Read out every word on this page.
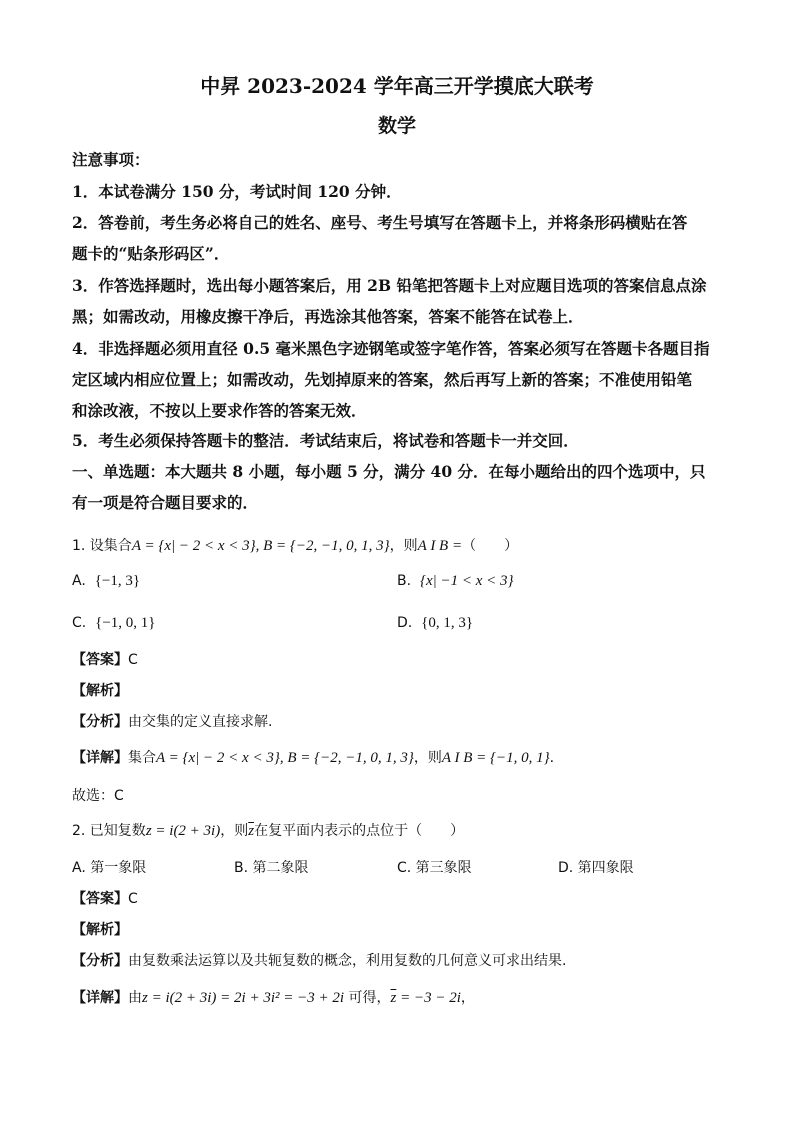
中昇 2023-2024 学年高三开学摸底大联考
数学
注意事项：
1．本试卷满分 150 分，考试时间 120 分钟．
2．答卷前，考生务必将自己的姓名、座号、考生号填写在答题卡上，并将条形码横贴在答
题卡的“贴条形码区”．
3．作答选择题时，选出每小题答案后，用 2B 铅笔把答题卡上对应题目选项的答案信息点涂
黑；如需改动，用橡皮擦干净后，再选涂其他答案，答案不能答在试卷上．
4．非选择题必须用直径 0.5 毫米黑色字迹钢笔或签字笔作答，答案必须写在答题卡各题目指
定区域内相应位置上；如需改动，先划掉原来的答案，然后再写上新的答案；不准使用铅笔
和涂改液，不按以上要求作答的答案无效．
5．考生必须保持答题卡的整洁．考试结束后，将试卷和答题卡一并交回．
一、单选题：本大题共 8 小题，每小题 5 分，满分 40 分．在每小题给出的四个选项中，只
有一项是符合题目要求的．
1. 设集合A = {x| − 2 < x < 3}, B = {−2, −1, 0, 1, 3}，则A I B =（　　）
A. {−1, 3}	B. {x| −1 < x < 3}
C. {−1, 0, 1}	D. {0, 1, 3}
【答案】C
【解析】
【分析】由交集的定义直接求解.
【详解】集合A = {x| − 2 < x < 3}, B = {−2, −1, 0, 1, 3}，则A I B = {−1, 0, 1}.
故选：C
2. 已知复数z = i(2 + 3i)，则$\overline{z}$在复平面内表示的点位于（　　）
A. 第一象限	B. 第二象限	C. 第三象限	D. 第四象限
【答案】C
【解析】
【分析】由复数乘法运算以及共轭复数的概念，利用复数的几何意义可求出结果.
【详解】由z = i(2 + 3i) = 2i + 3i² = −3 + 2i 可得，$\overline{z} = -3 - 2i$，
